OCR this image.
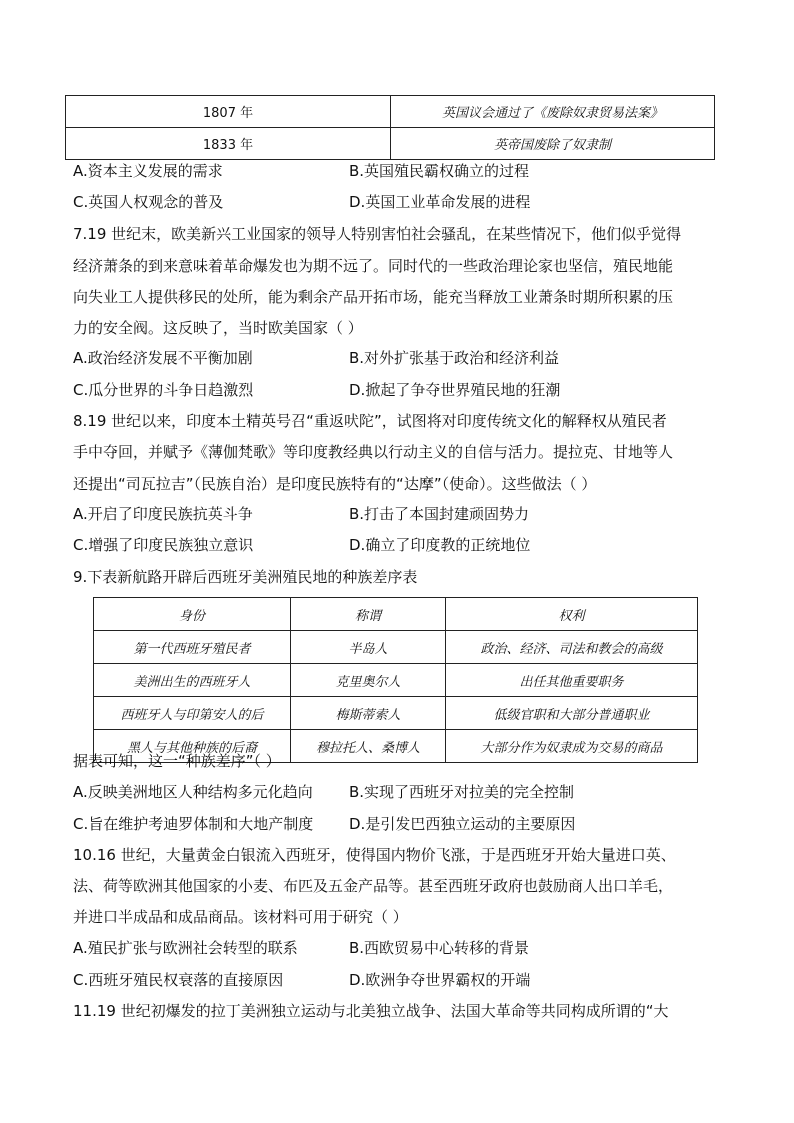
1807 年	英国议会通过了《废除奴隶贸易法案》
1833 年	英帝国废除了奴隶制
A.资本主义发展的需求	B.英国殖民霸权确立的过程
C.英国人权观念的普及	D.英国工业革命发展的进程
7.19 世纪末，欧美新兴工业国家的领导人特别害怕社会骚乱，在某些情况下，他们似乎觉得
经济萧条的到来意味着革命爆发也为期不远了。同时代的一些政治理论家也坚信，殖民地能
向失业工人提供移民的处所，能为剩余产品开拓市场，能充当释放工业萧条时期所积累的压
力的安全阀。这反映了，当时欧美国家（ ）
A.政治经济发展不平衡加剧	B.对外扩张基于政治和经济利益
C.瓜分世界的斗争日趋激烈	D.掀起了争夺世界殖民地的狂潮
8.19 世纪以来，印度本土精英号召“重返吠陀”，试图将对印度传统文化的解释权从殖民者
手中夺回，并赋予《薄伽梵歌》等印度教经典以行动主义的自信与活力。提拉克、甘地等人
还提出“司瓦拉吉”（民族自治）是印度民族特有的“达摩”（使命）。这些做法（ ）
A.开启了印度民族抗英斗争	B.打击了本国封建顽固势力
C.增强了印度民族独立意识	D.确立了印度教的正统地位
9.下表新航路开辟后西班牙美洲殖民地的种族差序表
身份	称谓	权利
第一代西班牙殖民者	半岛人	政治、经济、司法和教会的高级
美洲出生的西班牙人	克里奥尔人	出任其他重要职务
西班牙人与印第安人的后	梅斯蒂索人	低级官职和大部分普通职业
黑人与其他种族的后裔	穆拉托人、桑博人	大部分作为奴隶成为交易的商品
据表可知，这一“种族差序”（ ）
A.反映美洲地区人种结构多元化趋向 B.实现了西班牙对拉美的完全控制
C.旨在维护考迪罗体制和大地产制度 D.是引发巴西独立运动的主要原因
10.16 世纪，大量黄金白银流入西班牙，使得国内物价飞涨，于是西班牙开始大量进口英、
法、荷等欧洲其他国家的小麦、布匹及五金产品等。甚至西班牙政府也鼓励商人出口羊毛，
并进口半成品和成品商品。该材料可用于研究（ ）
A.殖民扩张与欧洲社会转型的联系	B.西欧贸易中心转移的背景
C.西班牙殖民权衰落的直接原因	D.欧洲争夺世界霸权的开端
11.19 世纪初爆发的拉丁美洲独立运动与北美独立战争、法国大革命等共同构成所谓的“大
